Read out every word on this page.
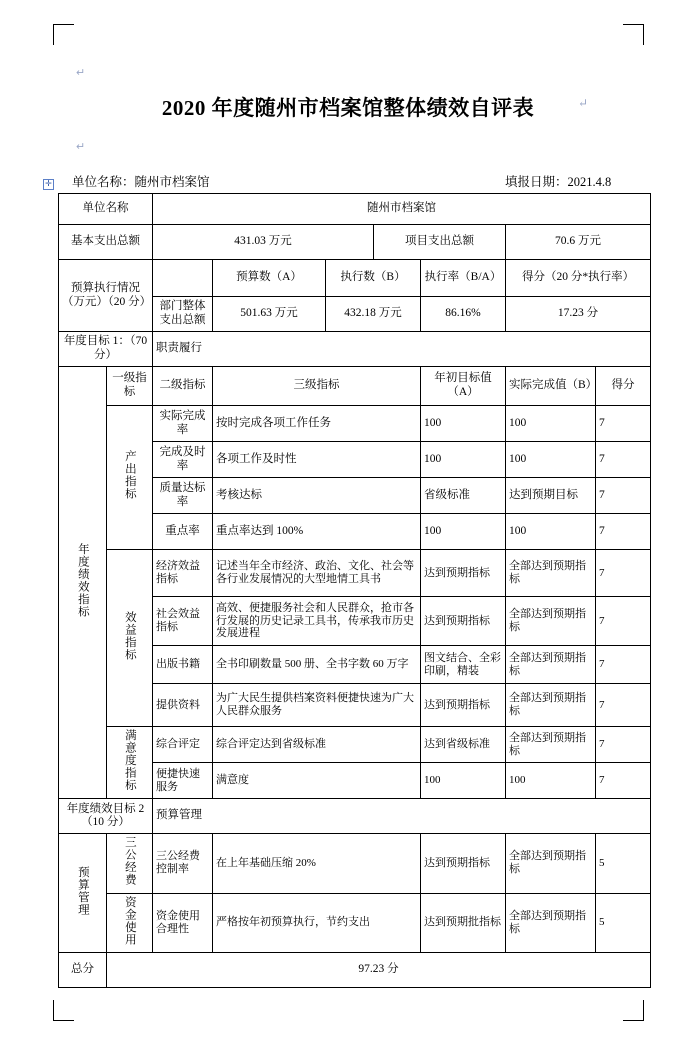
↵
↵
2020 年度随州市档案馆整体绩效自评表	↵
单位名称：随州市档案馆	填报日期：2021.4.8
✛
单位名称		随州市档案馆						
基本支出总额		431.03 万元			项目支出总额		70.6 万元	
预算执行情况（万元）（20 分）			预算数（A）	执行数（B）		执行率（B/A）	得分（20 分*执行率）	
		部门整体支出总额	501.63 万元	432.18 万元		86.16%	17.23 分	
年度目标 1：（70 分）		职责履行						
年度绩效指标	一级指标	二级指标	三级指标			年初目标值（A）	实际完成值（B）	得分
	产出指标	实际完成率	按时完成各项工作任务			100	100	7
		完成及时率	各项工作及时性			100	100	7
		质量达标率	考核达标			省级标准	达到预期目标	7
		重点率	重点率达到 100%			100	100	7
	效益指标	经济效益指标	记述当年全市经济、政治、文化、社会等各行业发展情况的大型地情工具书			达到预期指标	全部达到预期指标	7
		社会效益指标	高效、便捷服务社会和人民群众，抢市各行发展的历史记录工具书，传承我市历史发展进程			达到预期指标	全部达到预期指标	7
		出版书籍	全书印刷数量 500 册、全书字数 60 万字			图文结合、全彩印刷，精装	全部达到预期指标	7
		提供资料	为广大民生提供档案资料便捷快速为广大人民群众服务			达到预期指标	全部达到预期指标	7
	满意度指标	综合评定	综合评定达到省级标准			达到省级标准	全部达到预期指标	7
		便捷快速服务	满意度			100	100	7
年度绩效目标 2（10 分）		预算管理						
预算管理	三公经费	三公经费控制率	在上年基础压缩 20%			达到预期指标	全部达到预期指标	5
	资金使用	资金使用合理性	严格按年初预算执行，节约支出			达到预期批指标	全部达到预期指标	5
总分	97.23 分							
